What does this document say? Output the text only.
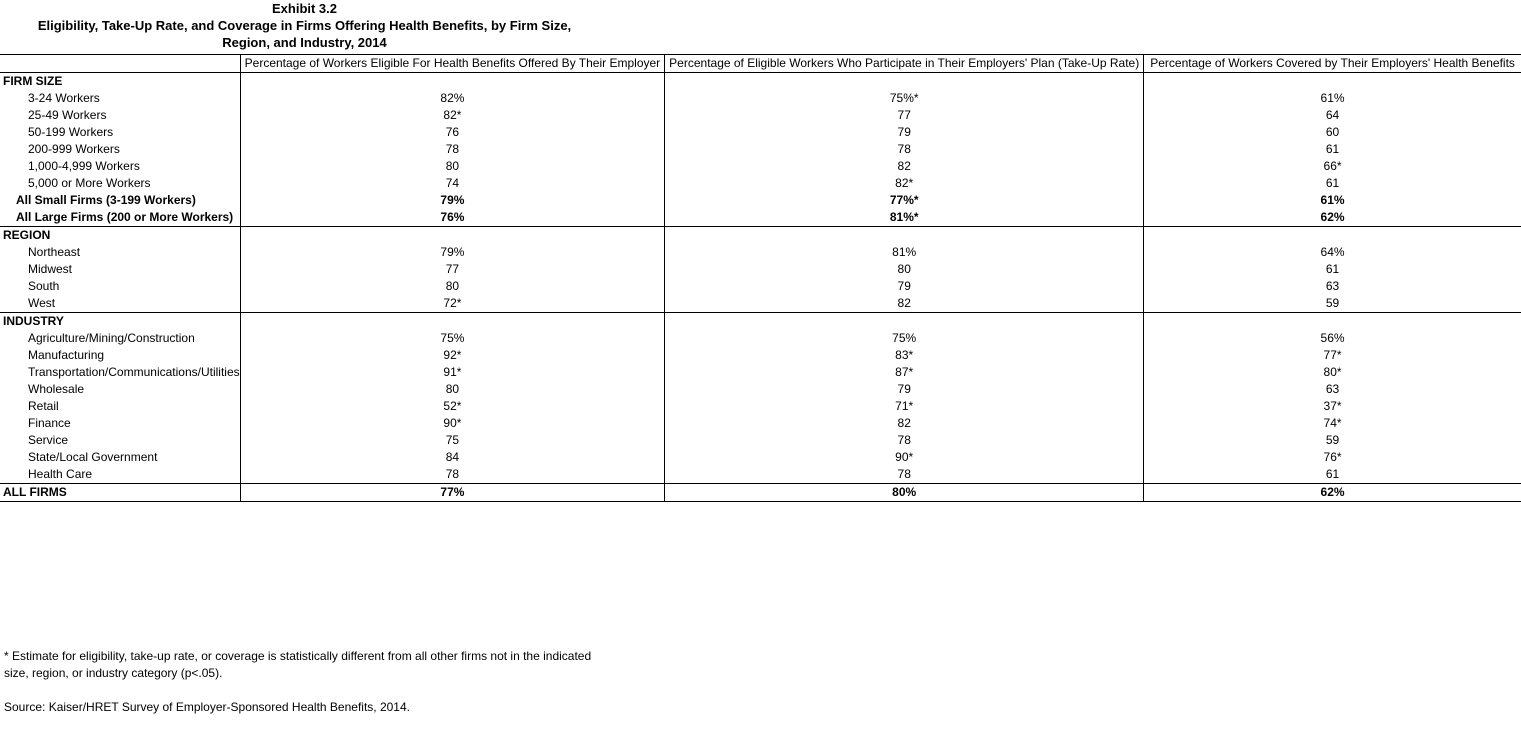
Exhibit 3.2
Eligibility, Take-Up Rate, and Coverage in Firms Offering Health Benefits, by Firm Size,
Region, and Industry, 2014
	Percentage of Workers Eligible For Health Benefits Offered By Their Employer	Percentage of Eligible Workers Who Participate in Their Employers' Plan (Take-Up Rate)	Percentage of Workers Covered by Their Employers' Health Benefits
FIRM SIZE			
3-24 Workers	82%	75%*	61%
25-49 Workers	82*	77	64
50-199 Workers	76	79	60
200-999 Workers	78	78	61
1,000-4,999 Workers	80	82	66*
5,000 or More Workers	74	82*	61
All Small Firms (3-199 Workers)	79%	77%*	61%
All Large Firms (200 or More Workers)	76%	81%*	62%
REGION			
Northeast	79%	81%	64%
Midwest	77	80	61
South	80	79	63
West	72*	82	59
INDUSTRY			
Agriculture/Mining/Construction	75%	75%	56%
Manufacturing	92*	83*	77*
Transportation/Communications/Utilities	91*	87*	80*
Wholesale	80	79	63
Retail	52*	71*	37*
Finance	90*	82	74*
Service	75	78	59
State/Local Government	84	90*	76*
Health Care	78	78	61
ALL FIRMS	77%	80%	62%

* Estimate for eligibility, take-up rate, or coverage is statistically different from all other firms not in the indicated size, region, or industry category (p<.05).

Source: Kaiser/HRET Survey of Employer-Sponsored Health Benefits, 2014.
